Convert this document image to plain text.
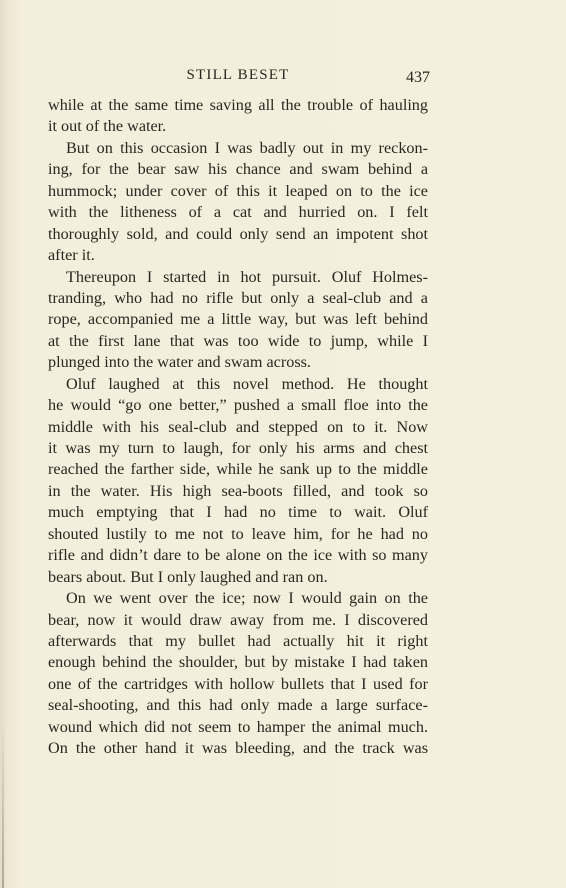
STILL BESET	437
while at the same time saving all the trouble of hauling
it out of the water.
But on this occasion I was badly out in my reckon-
ing, for the bear saw his chance and swam behind a
hummock; under cover of this it leaped on to the ice
with the litheness of a cat and hurried on. I felt
thoroughly sold, and could only send an impotent shot
after it.
Thereupon I started in hot pursuit. Oluf Holmes-
tranding, who had no rifle but only a seal-club and a
rope, accompanied me a little way, but was left behind
at the first lane that was too wide to jump, while I
plunged into the water and swam across.
Oluf laughed at this novel method. He thought
he would “go one better,” pushed a small floe into the
middle with his seal-club and stepped on to it. Now
it was my turn to laugh, for only his arms and chest
reached the farther side, while he sank up to the middle
in the water. His high sea-boots filled, and took so
much emptying that I had no time to wait. Oluf
shouted lustily to me not to leave him, for he had no
rifle and didn’t dare to be alone on the ice with so many
bears about. But I only laughed and ran on.
On we went over the ice; now I would gain on the
bear, now it would draw away from me. I discovered
afterwards that my bullet had actually hit it right
enough behind the shoulder, but by mistake I had taken
one of the cartridges with hollow bullets that I used for
seal-shooting, and this had only made a large surface-
wound which did not seem to hamper the animal much.
On the other hand it was bleeding, and the track was
